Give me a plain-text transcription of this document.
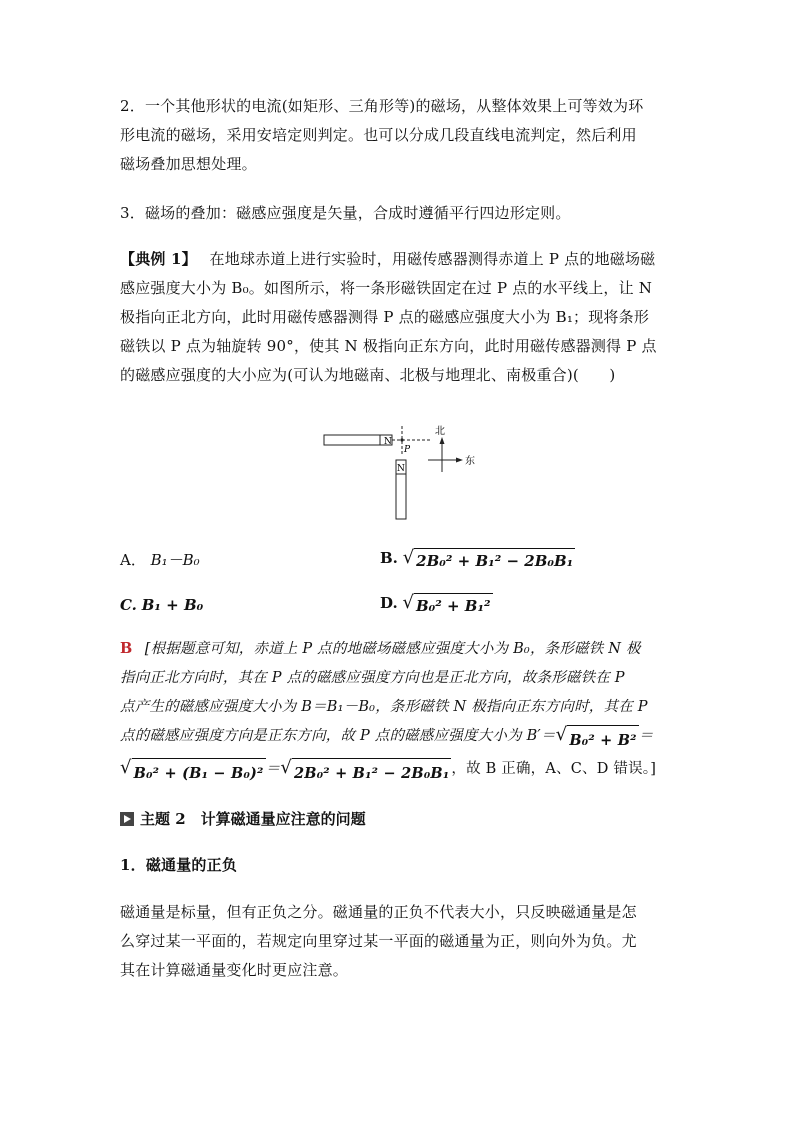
2．一个其他形状的电流(如矩形、三角形等)的磁场，从整体效果上可等效为环
形电流的磁场，采用安培定则判定。也可以分成几段直线电流判定，然后利用
磁场叠加思想处理。
3．磁场的叠加：磁感应强度是矢量，合成时遵循平行四边形定则。
【典例 1】　 在地球赤道上进行实验时，用磁传感器测得赤道上 P 点的地磁场磁
感应强度大小为 B₀。如图所示，将一条形磁铁固定在过 P 点的水平线上，让 N
极指向正北方向，此时用磁传感器测得 P 点的磁感应强度大小为 B₁；现将条形
磁铁以 P 点为轴旋转 90°，使其 N 极指向正东方向，此时用磁传感器测得 P 点
的磁感应强度的大小应为(可认为地磁南、北极与地理北、南极重合)(　　)
N
P
N
北
东
A． B₁－B₀	B. √ 2B₀² + B₁² − 2B₀B₁
C. B₁ + B₀	D. √ B₀² + B₁²
B  [根据题意可知，赤道上 P 点的地磁场磁感应强度大小为 B₀，条形磁铁 N 极
指向正北方向时，其在 P 点的磁感应强度方向也是正北方向，故条形磁铁在 P
点产生的磁感应强度大小为 B＝B₁－B₀，条形磁铁 N 极指向正东方向时，其在 P
点的磁感应强度方向是正东方向，故 P 点的磁感应强度大小为 B′＝ √ B₀² + B² ＝
√ B₀² + (B₁ − B₀)² ＝ √ 2B₀² + B₁² − 2B₀B₁ ，故 B 正确，A、C、D 错误。]
主题 2　计算磁通量应注意的问题
1．磁通量的正负
磁通量是标量，但有正负之分。磁通量的正负不代表大小，只反映磁通量是怎
么穿过某一平面的，若规定向里穿过某一平面的磁通量为正，则向外为负。尤
其在计算磁通量变化时更应注意。
